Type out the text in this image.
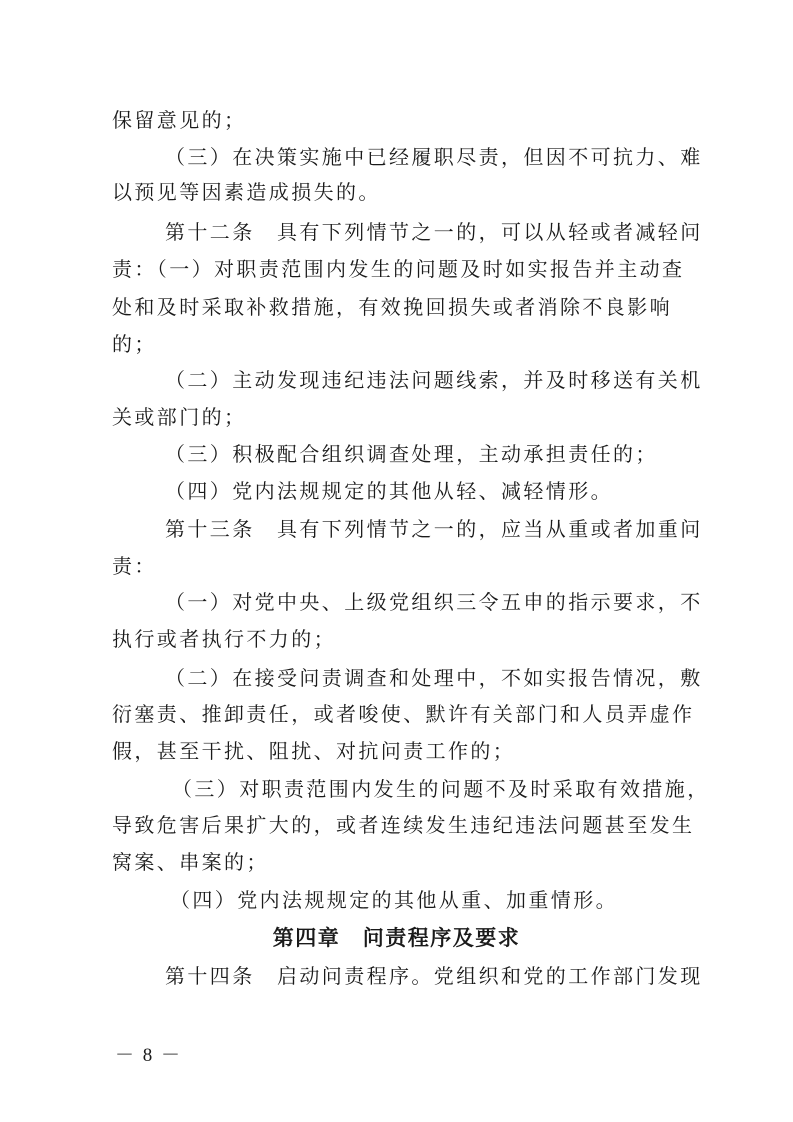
保留意见的；
（三）在决策实施中已经履职尽责，但因不可抗力、难
以预见等因素造成损失的。
第十二条　具有下列情节之一的，可以从轻或者减轻问
责：（一）对职责范围内发生的问题及时如实报告并主动查
处和及时采取补救措施，有效挽回损失或者消除不良影响
的；
（二）主动发现违纪违法问题线索，并及时移送有关机
关或部门的；
（三）积极配合组织调查处理，主动承担责任的；
（四）党内法规规定的其他从轻、减轻情形。
第十三条　具有下列情节之一的，应当从重或者加重问
责：
（一）对党中央、上级党组织三令五申的指示要求，不
执行或者执行不力的；
（二）在接受问责调查和处理中，不如实报告情况，敷
衍塞责、推卸责任，或者唆使、默许有关部门和人员弄虚作
假，甚至干扰、阻扰、对抗问责工作的；
（三）对职责范围内发生的问题不及时采取有效措施，
导致危害后果扩大的，或者连续发生违纪违法问题甚至发生
窝案、串案的；
（四）党内法规规定的其他从重、加重情形。
第四章　问责程序及要求
第十四条　启动问责程序。党组织和党的工作部门发现
－ 8 －
